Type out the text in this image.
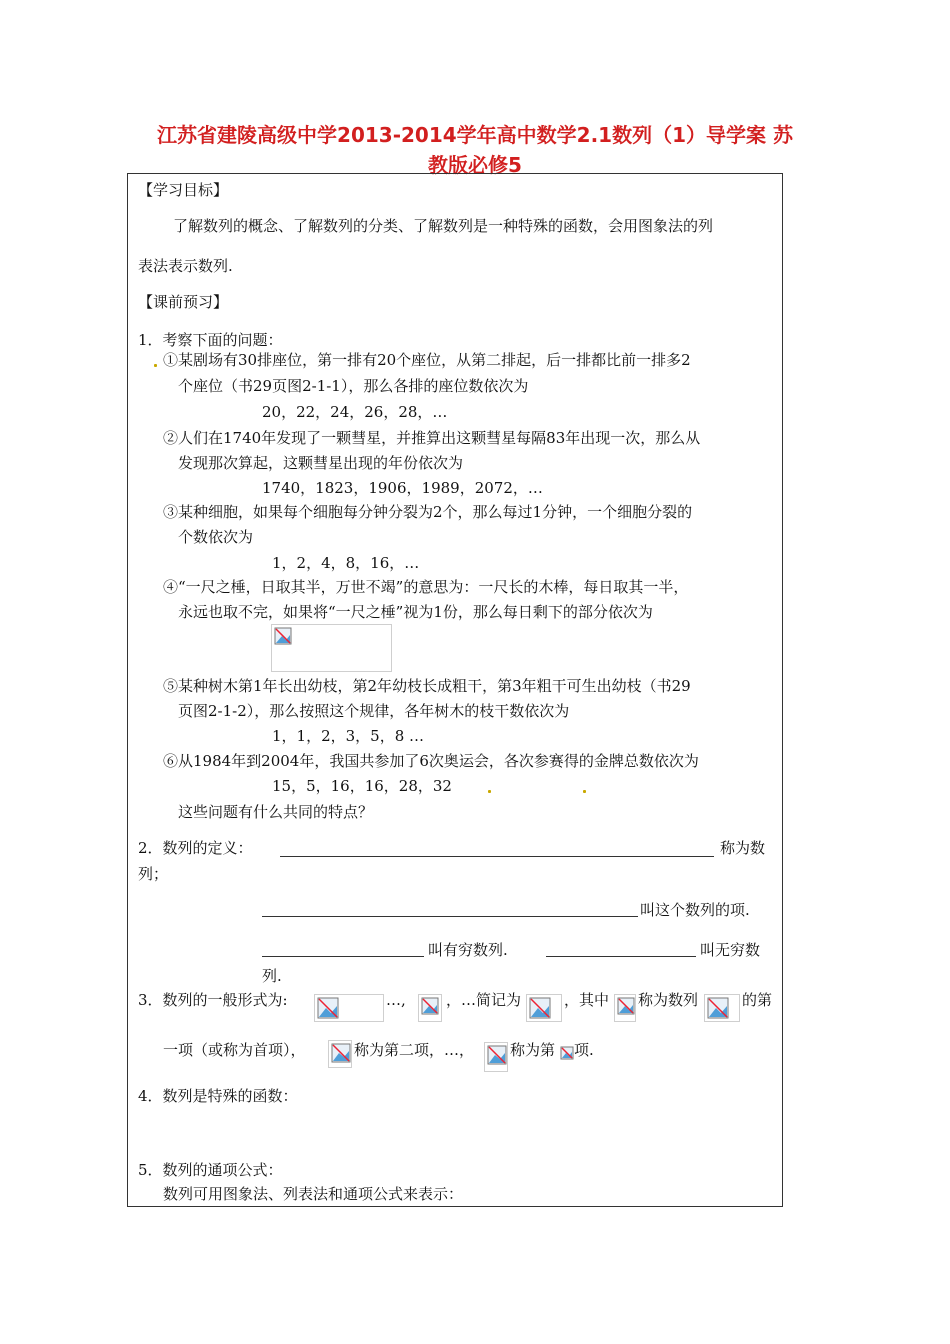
江苏省建陵高级中学2013-2014学年高中数学2.1数列（1）导学案 苏
教版必修5
【学习目标】
了解数列的概念、了解数列的分类、了解数列是一种特殊的函数，会用图象法的列
表法表示数列.
【课前预习】
1．考察下面的问题：
①某剧场有30排座位，第一排有20个座位，从第二排起，后一排都比前一排多2
个座位（书29页图2-1-1），那么各排的座位数依次为
20，22，24，26，28，…
②人们在1740年发现了一颗彗星，并推算出这颗彗星每隔83年出现一次，那么从
发现那次算起，这颗彗星出现的年份依次为
1740，1823，1906，1989，2072，…
③某种细胞，如果每个细胞每分钟分裂为2个，那么每过1分钟，一个细胞分裂的
个数依次为
1，2，4，8，16，…
④“一尺之棰，日取其半，万世不竭”的意思为：一尺长的木棒，每日取其一半，
永远也取不完，如果将“一尺之棰”视为1份，那么每日剩下的部分依次为
⑤某种树木第1年长出幼枝，第2年幼枝长成粗干，第3年粗干可生出幼枝（书29
页图2-1-2），那么按照这个规律，各年树木的枝干数依次为
1，1，2，3，5，8 …
⑥从1984年到2004年，我国共参加了6次奥运会，各次参赛得的金牌总数依次为
15，5，16，16，28，32
这些问题有什么共同的特点？
2．数列的定义：	称为数
列；
叫这个数列的项.
叫有穷数列.	叫无穷数
列.
3．数列的一般形式为:	…,	，…简记为	，其中 称为数列	的第
一项（或称为首项），	称为第二项，…， 称为第 项.
4．数列是特殊的函数：
5．数列的通项公式：
数列可用图象法、列表法和通项公式来表示：
